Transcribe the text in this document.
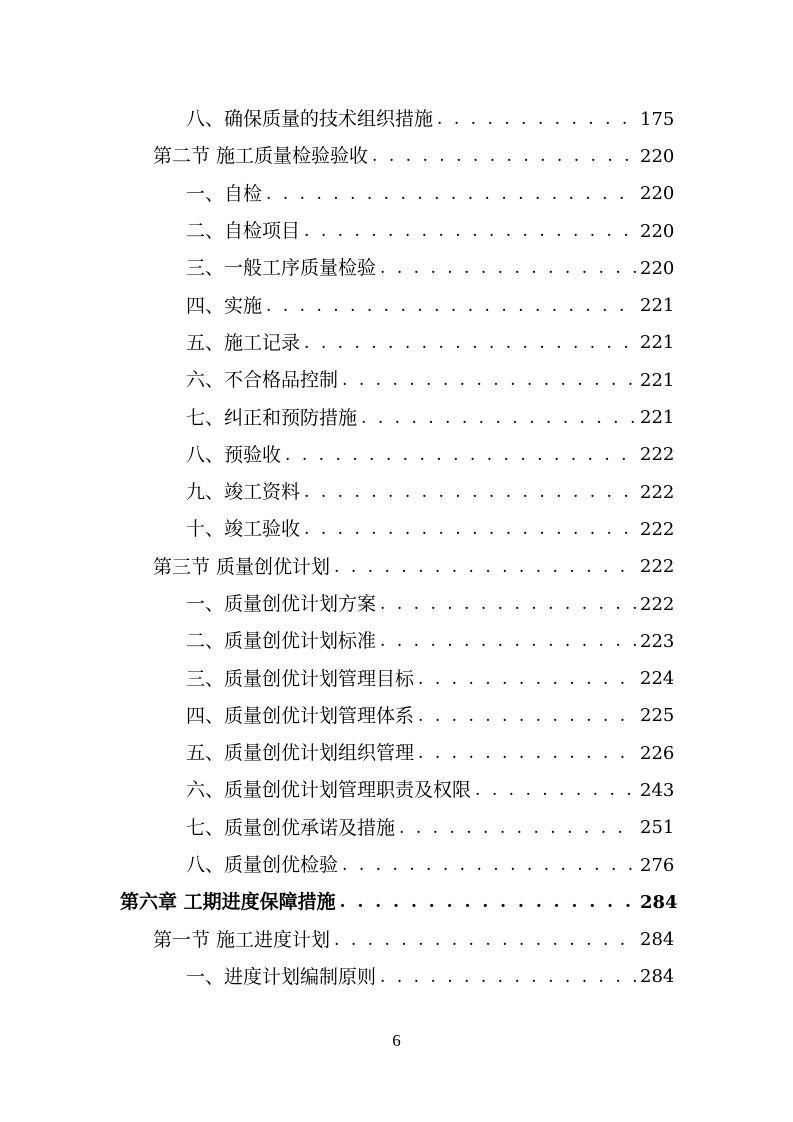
八、确保质量的技术组织措施 . . .	175
第二节 施工质量检验验收 . . .	220
一、自检 . . .	220
二、自检项目 . . .	220
三、一般工序质量检验 . . .	220
四、实施 . . .	221
五、施工记录 . . .	221
六、不合格品控制 . . .	221
七、纠正和预防措施 . . .	221
八、预验收 . . .	222
九、竣工资料 . . .	222
十、竣工验收 . . .	222
第三节 质量创优计划 . . .	222
一、质量创优计划方案 . . .	222
二、质量创优计划标准 . . .	223
三、质量创优计划管理目标 . . .	224
四、质量创优计划管理体系 . . .	225
五、质量创优计划组织管理 . . .	226
六、质量创优计划管理职责及权限 . . .	243
七、质量创优承诺及措施 . . .	251
八、质量创优检验 . . .	276
第六章 工期进度保障措施 . . .	284
第一节 施工进度计划 . . .	284
一、进度计划编制原则 . . .	284
6
